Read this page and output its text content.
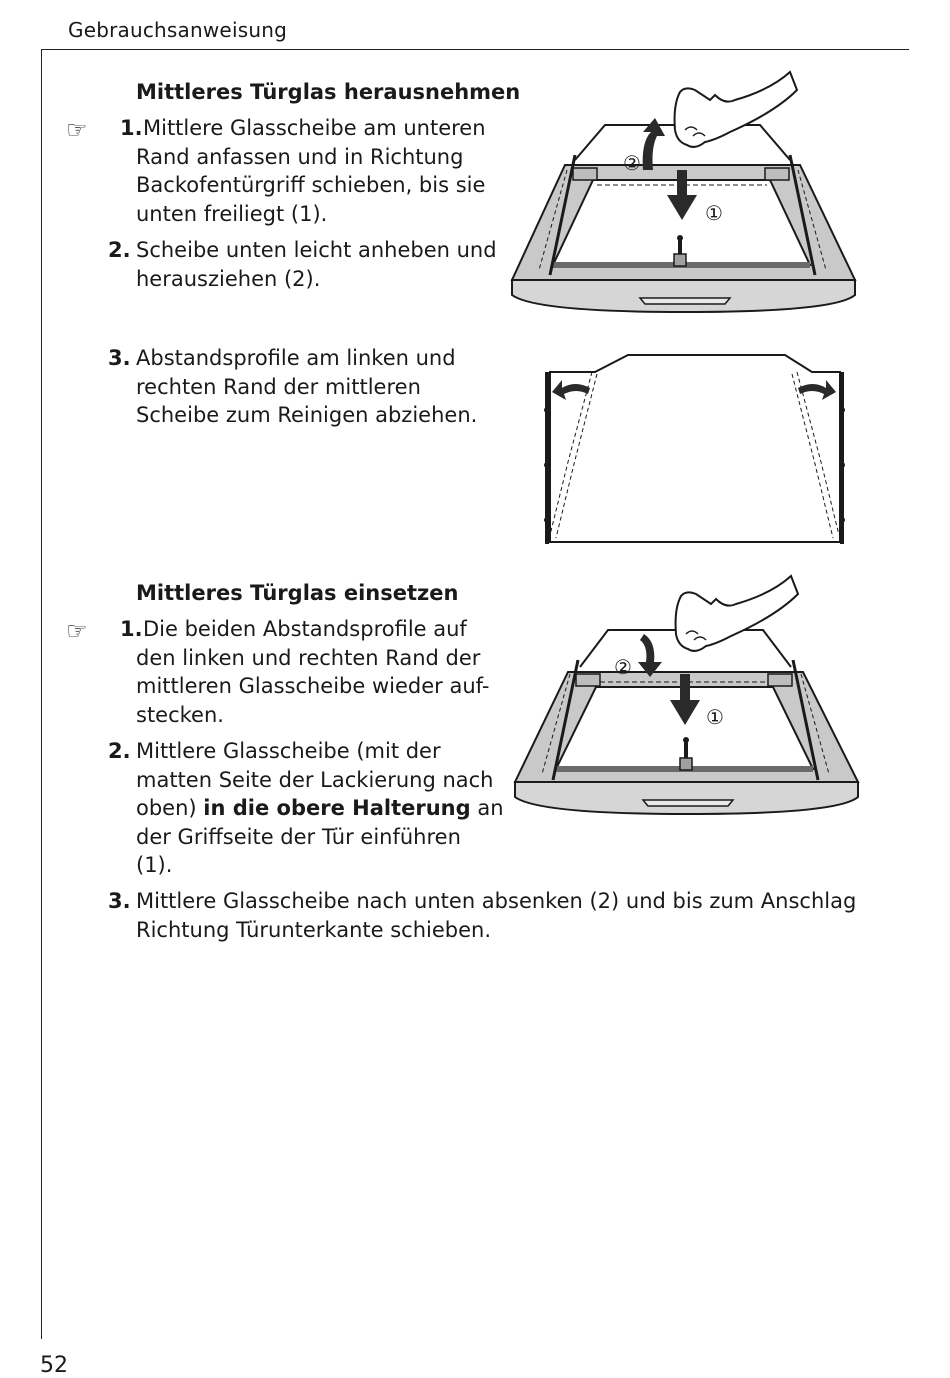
Gebrauchsanweisung
Mittleres Türglas herausnehmen
☞ 1. Mittlere Glasscheibe am unteren
Rand anfassen und in Richtung
Backofentürgriff schieben, bis sie
unten freiliegt (1).
2. Scheibe unten leicht anheben und
herausziehen (2).
3. Abstandsprofile am linken und
rechten Rand der mittleren
Scheibe zum Reinigen abziehen.
Mittleres Türglas einsetzen
☞ 1. Die beiden Abstandsprofile auf
den linken und rechten Rand der
mittleren Glasscheibe wieder auf-
stecken.
2. Mittlere Glasscheibe (mit der
matten Seite der Lackierung nach
oben) in die obere Halterung an
der Griffseite der Tür einführen
(1).
3. Mittlere Glasscheibe nach unten absenken (2) und bis zum Anschlag
Richtung Türunterkante schieben.
②
①
②
①
52
